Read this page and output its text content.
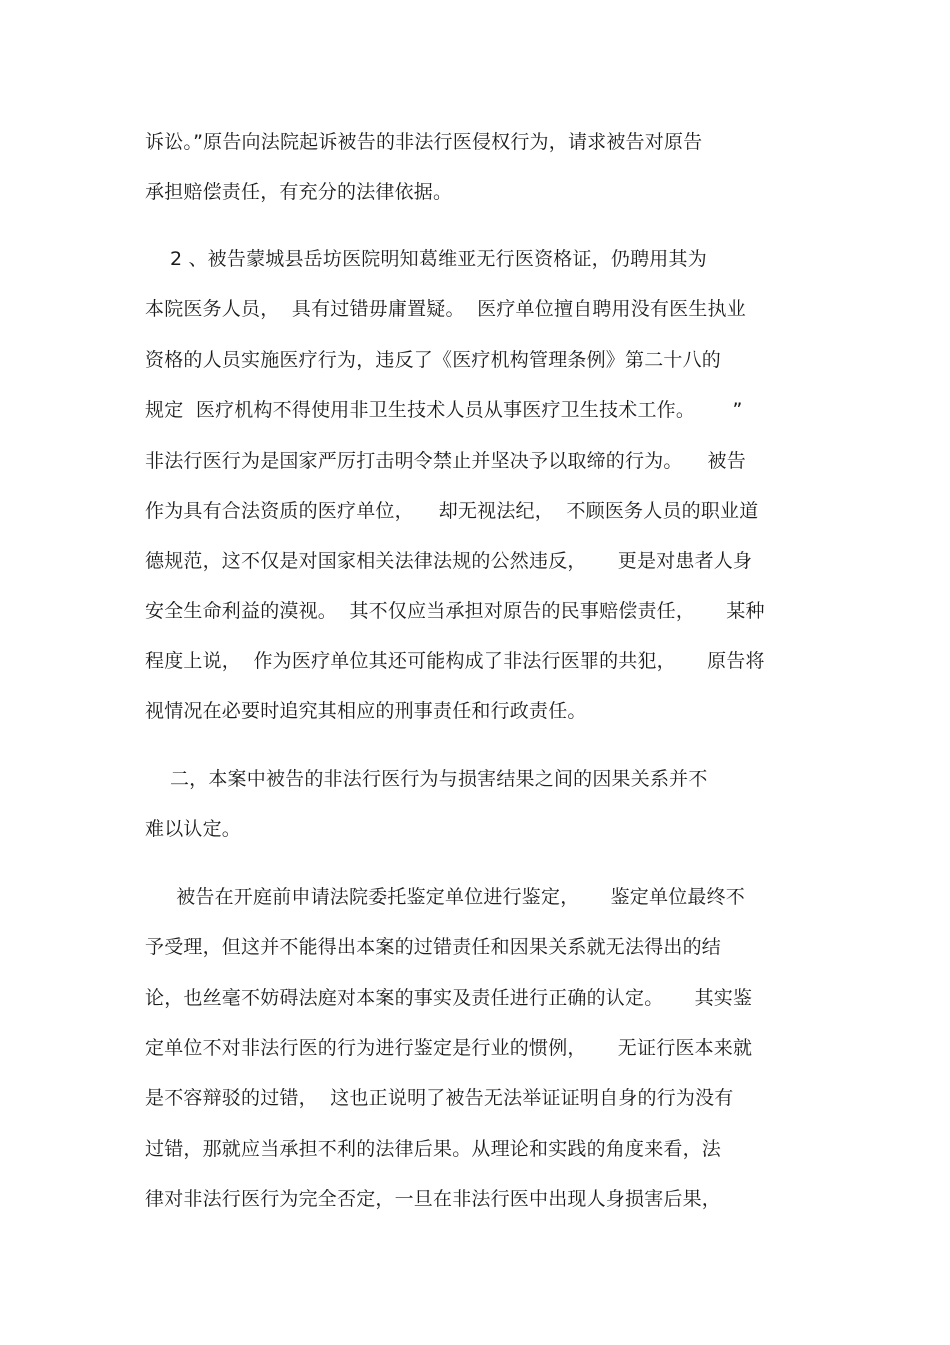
诉讼。”原告向法院起诉被告的非法行医侵权行为，请求被告对原告
承担赔偿责任，有充分的法律依据。
2 、被告蒙城县岳坊医院明知葛维亚无行医资格证，仍聘用其为
本院医务人员，  具有过错毋庸置疑。  医疗单位擅自聘用没有医生执业
资格的人员实施医疗行为，违反了《医疗机构管理条例》第二十八的
规定  医疗机构不得使用非卫生技术人员从事医疗卫生技术工作。      ”
非法行医行为是国家严厉打击明令禁止并坚决予以取缔的行为。    被告
作为具有合法资质的医疗单位，    却无视法纪，  不顾医务人员的职业道
德规范，这不仅是对国家相关法律法规的公然违反，     更是对患者人身
安全生命利益的漠视。  其不仅应当承担对原告的民事赔偿责任，     某种
程度上说，  作为医疗单位其还可能构成了非法行医罪的共犯，     原告将
视情况在必要时追究其相应的刑事责任和行政责任。
二，本案中被告的非法行医行为与损害结果之间的因果关系并不
难以认定。
被告在开庭前申请法院委托鉴定单位进行鉴定，     鉴定单位最终不
予受理，但这并不能得出本案的过错责任和因果关系就无法得出的结
论，也丝毫不妨碍法庭对本案的事实及责任进行正确的认定。     其实鉴
定单位不对非法行医的行为进行鉴定是行业的惯例，     无证行医本来就
是不容辩驳的过错，  这也正说明了被告无法举证证明自身的行为没有
过错，那就应当承担不利的法律后果。从理论和实践的角度来看，法
律对非法行医行为完全否定，一旦在非法行医中出现人身损害后果，
